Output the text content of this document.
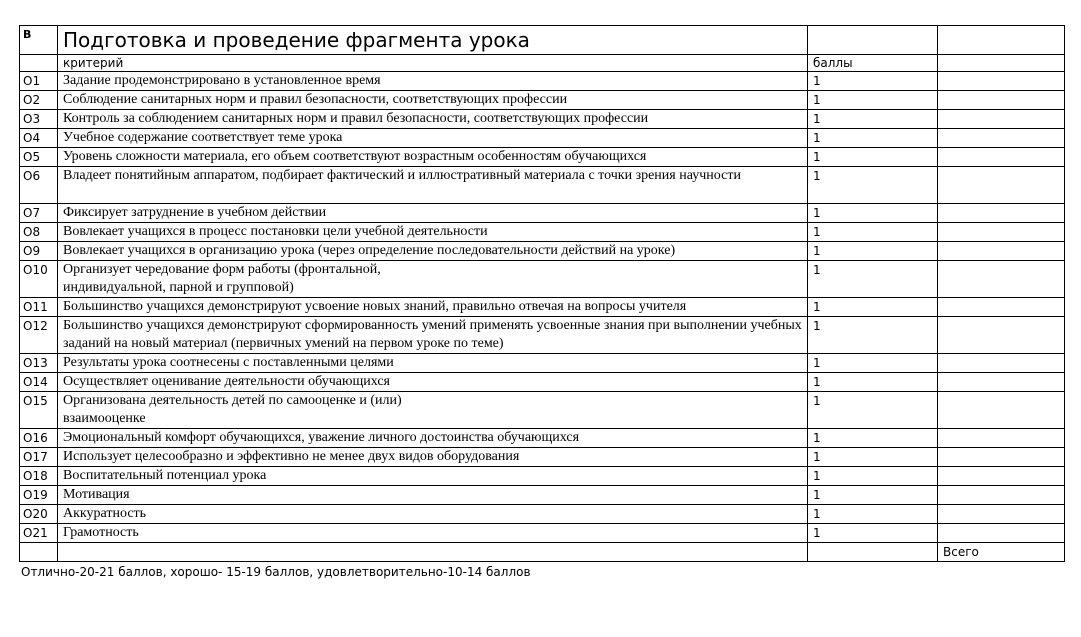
В	Подготовка и проведение фрагмента урока		
	критерий	баллы	
О1	Задание продемонстрировано в установленное время	1	
О2	Соблюдение санитарных норм и правил безопасности, соответствующих профессии	1	
О3	Контроль за соблюдением санитарных норм и правил безопасности, соответствующих профессии	1	
О4	Учебное содержание соответствует теме урока	1	
О5	Уровень сложности материала, его объем соответствуют возрастным особенностям обучающихся	1	
О6	Владеет понятийным аппаратом, подбирает фактический и иллюстративный материала с точки зрения научности	1	
О7	Фиксирует затруднение в учебном действии	1	
О8	Вовлекает учащихся в процесс постановки цели учебной деятельности	1	
О9	Вовлекает учащихся в организацию урока (через определение последовательности действий на уроке)	1	
О10	Организует чередование форм работы (фронтальной, индивидуальной, парной и групповой)	1	
О11	Большинство учащихся демонстрируют усвоение новых знаний, правильно отвечая на вопросы учителя	1	
О12	Большинство учащихся демонстрируют сформированность умений применять усвоенные знания при выполнении учебных заданий на новый материал (первичных умений на первом уроке по теме)	1	
О13	Результаты урока соотнесены с поставленными целями	1	
О14	Осуществляет оценивание деятельности обучающихся	1	
О15	Организована деятельность детей по самооценке и (или) взаимооценке	1	
О16	Эмоциональный комфорт обучающихся, уважение личного достоинства обучающихся	1	
О17	Использует целесообразно и эффективно не менее двух видов оборудования	1	
О18	Воспитательный потенциал урока	1	
О19	Мотивация	1	
О20	Аккуратность	1	
О21	Грамотность	1	
			Всего
Отлично-20-21 баллов, хорошо- 15-19 баллов, удовлетворительно-10-14 баллов
